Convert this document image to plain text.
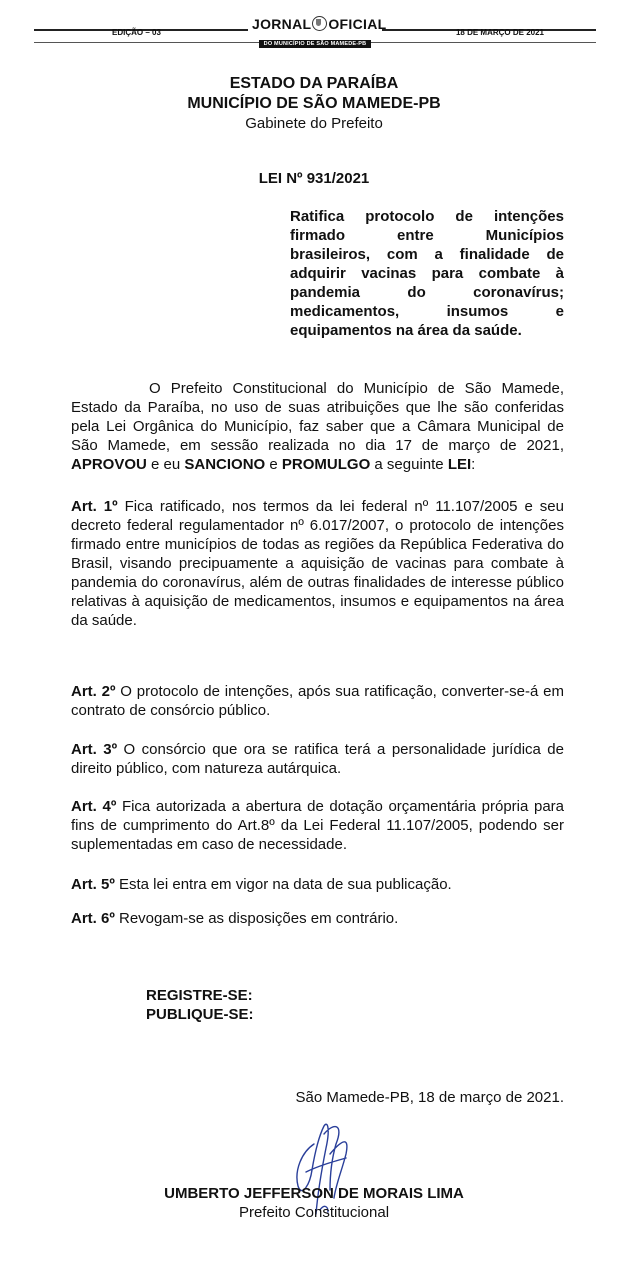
EDIÇÃO – 03
JORNAL OFICIAL
DO MUNICÍPIO DE SÃO MAMEDE-PB
18 DE MARÇO DE 2021
ESTADO DA PARAÍBA
MUNICÍPIO DE SÃO MAMEDE-PB
Gabinete do Prefeito
LEI Nº 931/2021
Ratifica protocolo de intenções
firmado entre Municípios
brasileiros, com a finalidade de
adquirir vacinas para combate à
pandemia do coronavírus;
medicamentos, insumos e
equipamentos na área da saúde.
O Prefeito Constitucional do Município de São Mamede, Estado da Paraíba, no uso de suas atribuições que lhe são conferidas pela Lei Orgânica do Município, faz saber que a Câmara Municipal de São Mamede, em sessão realizada no dia 17 de março de 2021, APROVOU e eu SANCIONO e PROMULGO a seguinte LEI:
Art. 1º Fica ratificado, nos termos da lei federal nº 11.107/2005 e seu decreto federal regulamentador nº 6.017/2007, o protocolo de intenções firmado entre municípios de todas as regiões da República Federativa do Brasil, visando precipuamente a aquisição de vacinas para combate à pandemia do coronavírus, além de outras finalidades de interesse público relativas à aquisição de medicamentos, insumos e equipamentos na área da saúde.
Art. 2º O protocolo de intenções, após sua ratificação, converter-se-á em contrato de consórcio público.
Art. 3º O consórcio que ora se ratifica terá a personalidade jurídica de direito público, com natureza autárquica.
Art. 4º Fica autorizada a abertura de dotação orçamentária própria para fins de cumprimento do Art.8º da Lei Federal 11.107/2005, podendo ser suplementadas em caso de necessidade.
Art. 5º Esta lei entra em vigor na data de sua publicação.
Art. 6º Revogam-se as disposições em contrário.
REGISTRE-SE:
PUBLIQUE-SE:
São Mamede-PB, 18 de março de 2021.
UMBERTO JEFFERSON DE MORAIS LIMA
Prefeito Constitucional
